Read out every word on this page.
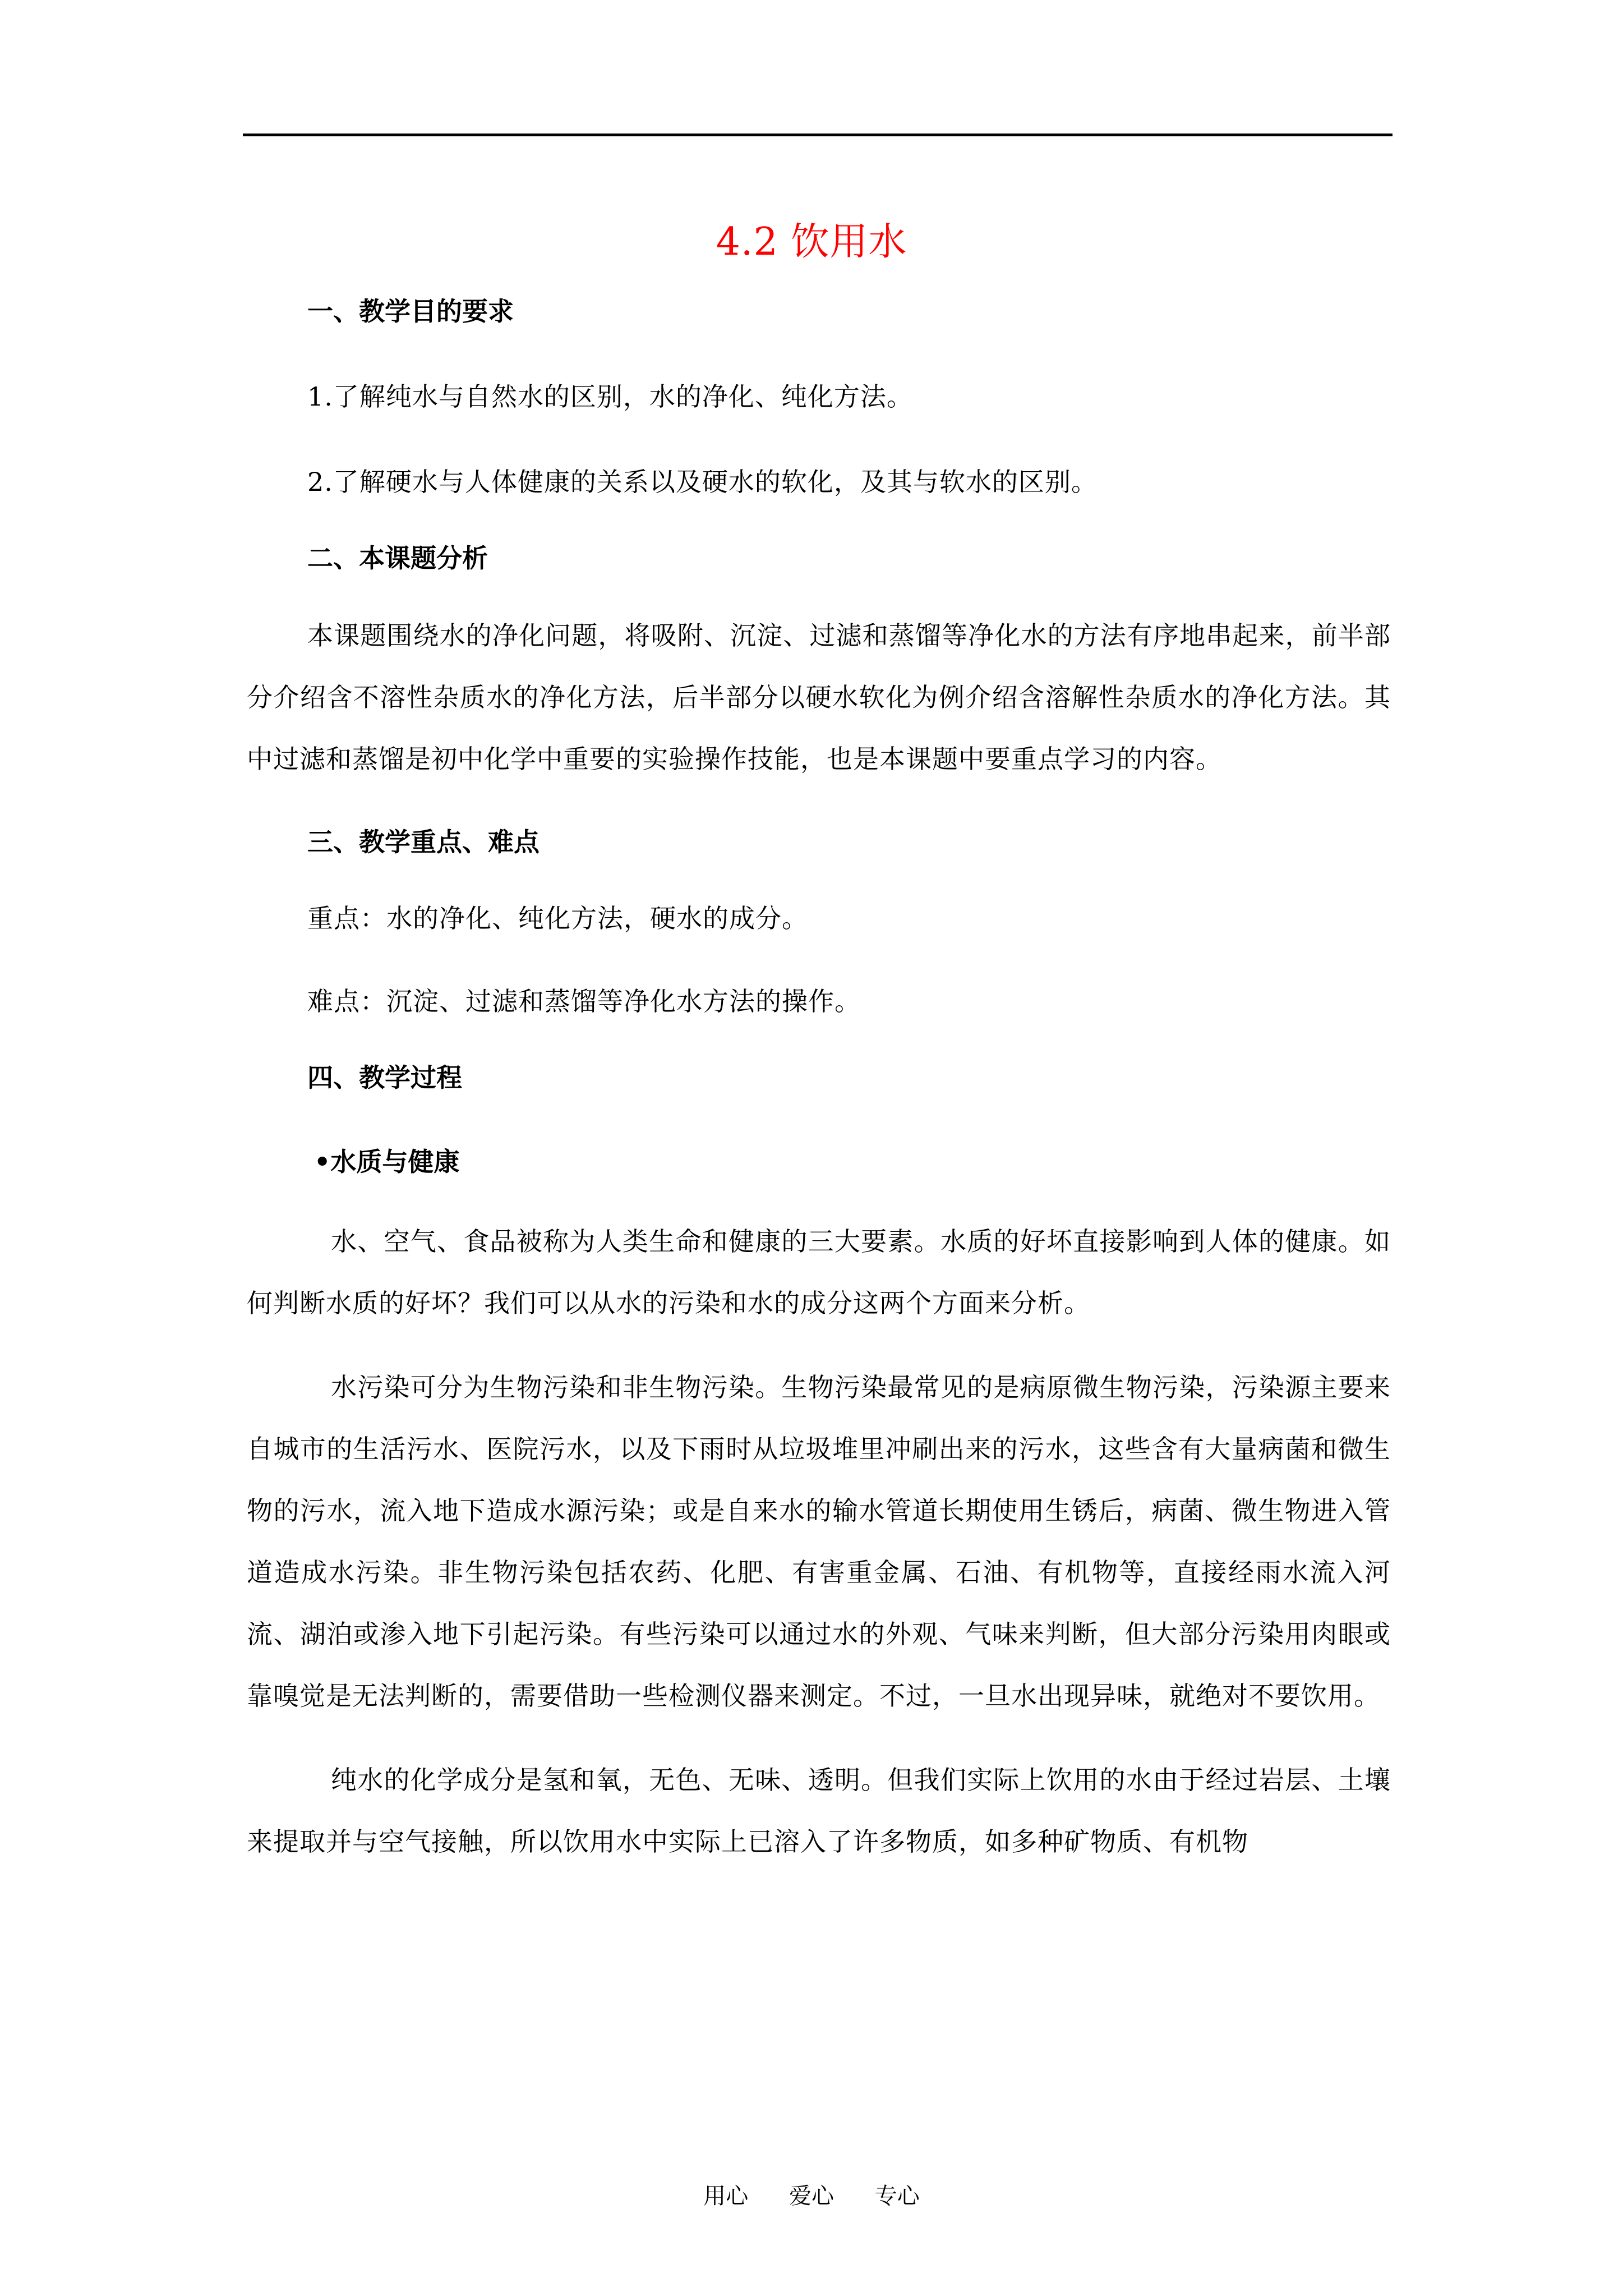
4.2 饮用水
一、教学目的要求

1.了解纯水与自然水的区别，水的净化、纯化方法。

2.了解硬水与人体健康的关系以及硬水的软化，及其与软水的区别。

二、本课题分析

本课题围绕水的净化问题，将吸附、沉淀、过滤和蒸馏等净化水的方法有序地串起来，前半部分介绍含不溶性杂质水的净化方法，后半部分以硬水软化为例介绍含溶解性杂质水的净化方法。其中过滤和蒸馏是初中化学中重要的实验操作技能，也是本课题中要重点学习的内容。

三、教学重点、难点

重点：水的净化、纯化方法，硬水的成分。

难点：沉淀、过滤和蒸馏等净化水方法的操作。

四、教学过程
•水质与健康

水、空气、食品被称为人类生命和健康的三大要素。水质的好坏直接影响到人体的健康。如何判断水质的好坏？我们可以从水的污染和水的成分这两个方面来分析。

水污染可分为生物污染和非生物污染。生物污染最常见的是病原微生物污染，污染源主要来自城市的生活污水、医院污水，以及下雨时从垃圾堆里冲刷出来的污水，这些含有大量病菌和微生物的污水，流入地下造成水源污染；或是自来水的输水管道长期使用生锈后，病菌、微生物进入管道造成水污染。非生物污染包括农药、化肥、有害重金属、石油、有机物等，直接经雨水流入河流、湖泊或渗入地下引起污染。有些污染可以通过水的外观、气味来判断，但大部分污染用肉眼或靠嗅觉是无法判断的，需要借助一些检测仪器来测定。不过，一旦水出现异味，就绝对不要饮用。

纯水的化学成分是氢和氧，无色、无味、透明。但我们实际上饮用的水由于经过岩层、土壤来提取并与空气接触，所以饮用水中实际上已溶入了许多物质，如多种矿物质、有机物

用心 爱心 专心
